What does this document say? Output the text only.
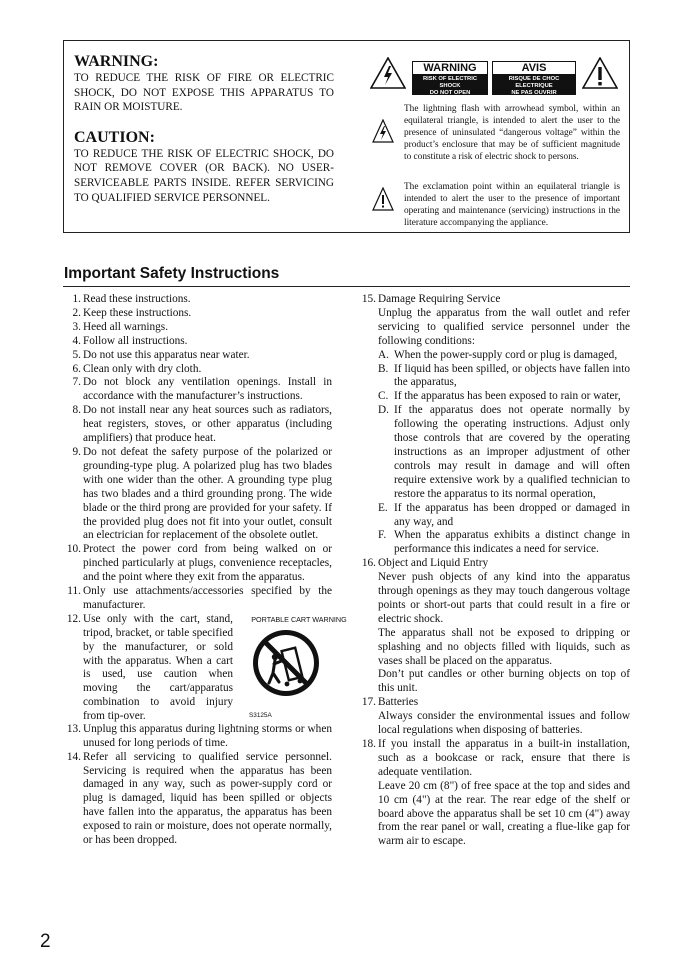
WARNING:

TO REDUCE THE RISK OF FIRE OR ELECTRIC SHOCK, DO NOT EXPOSE THIS APPARATUS TO RAIN OR MOISTURE.

CAUTION:

TO REDUCE THE RISK OF ELECTRIC SHOCK, DO NOT REMOVE COVER (OR BACK). NO USER-SERVICEABLE PARTS INSIDE. REFER SERVICING TO QUALIFIED SERVICE PERSONNEL.

WARNING
RISK OF ELECTRIC SHOCK
DO NOT OPEN
AVIS
RISQUE DE CHOC ELECTRIQUE
NE PAS OUVRIR
The lightning flash with arrowhead symbol, within an equilateral triangle, is intended to alert the user to the presence of uninsulated “dangerous voltage” within the product’s enclosure that may be of sufficient magnitude to constitute a risk of electric shock to persons.
The exclamation point within an equilateral triangle is intended to alert the user to the presence of important operating and maintenance (servicing) instructions in the literature accompanying the appliance.
Important Safety Instructions
1. Read these instructions.
2. Keep these instructions.
3. Heed all warnings.
4. Follow all instructions.
5. Do not use this apparatus near water.
6. Clean only with dry cloth.
7. Do not block any ventilation openings. Install in accordance with the manufacturer’s instructions.
8. Do not install near any heat sources such as radiators, heat registers, stoves, or other apparatus (including amplifiers) that produce heat.
9. Do not defeat the safety purpose of the polarized or grounding-type plug. A polarized plug has two blades with one wider than the other. A grounding type plug has two blades and a third grounding prong. The wide blade or the third prong are provided for your safety. If the provided plug does not fit into your outlet, consult an electrician for replacement of the obsolete outlet.
10. Protect the power cord from being walked on or pinched particularly at plugs, convenience receptacles, and the point where they exit from the apparatus.
11. Only use attachments/accessories specified by the manufacturer.
12. Use only with the cart, stand, tripod, bracket, or table specified by the manufacturer, or sold with the apparatus. When a cart is used, use caution when moving the cart/apparatus combination to avoid injury from tip-over.
PORTABLE CART WARNING
S3125A
13. Unplug this apparatus during lightning storms or when unused for long periods of time.
14. Refer all servicing to qualified service personnel. Servicing is required when the apparatus has been damaged in any way, such as power-supply cord or plug is damaged, liquid has been spilled or objects have fallen into the apparatus, the apparatus has been exposed to rain or moisture, does not operate normally, or has been dropped.
15. Damage Requiring Service
Unplug the apparatus from the wall outlet and refer servicing to qualified service personnel under the following conditions:
A. When the power-supply cord or plug is damaged,
B. If liquid has been spilled, or objects have fallen into the apparatus,
C. If the apparatus has been exposed to rain or water,
D. If the apparatus does not operate normally by following the operating instructions. Adjust only those controls that are covered by the operating instructions as an improper adjustment of other controls may result in damage and will often require extensive work by a qualified technician to restore the apparatus to its normal operation,
E. If the apparatus has been dropped or damaged in any way, and
F. When the apparatus exhibits a distinct change in performance this indicates a need for service.
16. Object and Liquid Entry
Never push objects of any kind into the apparatus through openings as they may touch dangerous voltage points or short-out parts that could result in a fire or electric shock.
The apparatus shall not be exposed to dripping or splashing and no objects filled with liquids, such as vases shall be placed on the apparatus.
Don’t put candles or other burning objects on top of this unit.
17. Batteries
Always consider the environmental issues and follow local regulations when disposing of batteries.
18. If you install the apparatus in a built-in installation, such as a bookcase or rack, ensure that there is adequate ventilation.
Leave 20 cm (8") of free space at the top and sides and 10 cm (4") at the rear. The rear edge of the shelf or board above the apparatus shall be set 10 cm (4") away from the rear panel or wall, creating a flue-like gap for warm air to escape.

2
